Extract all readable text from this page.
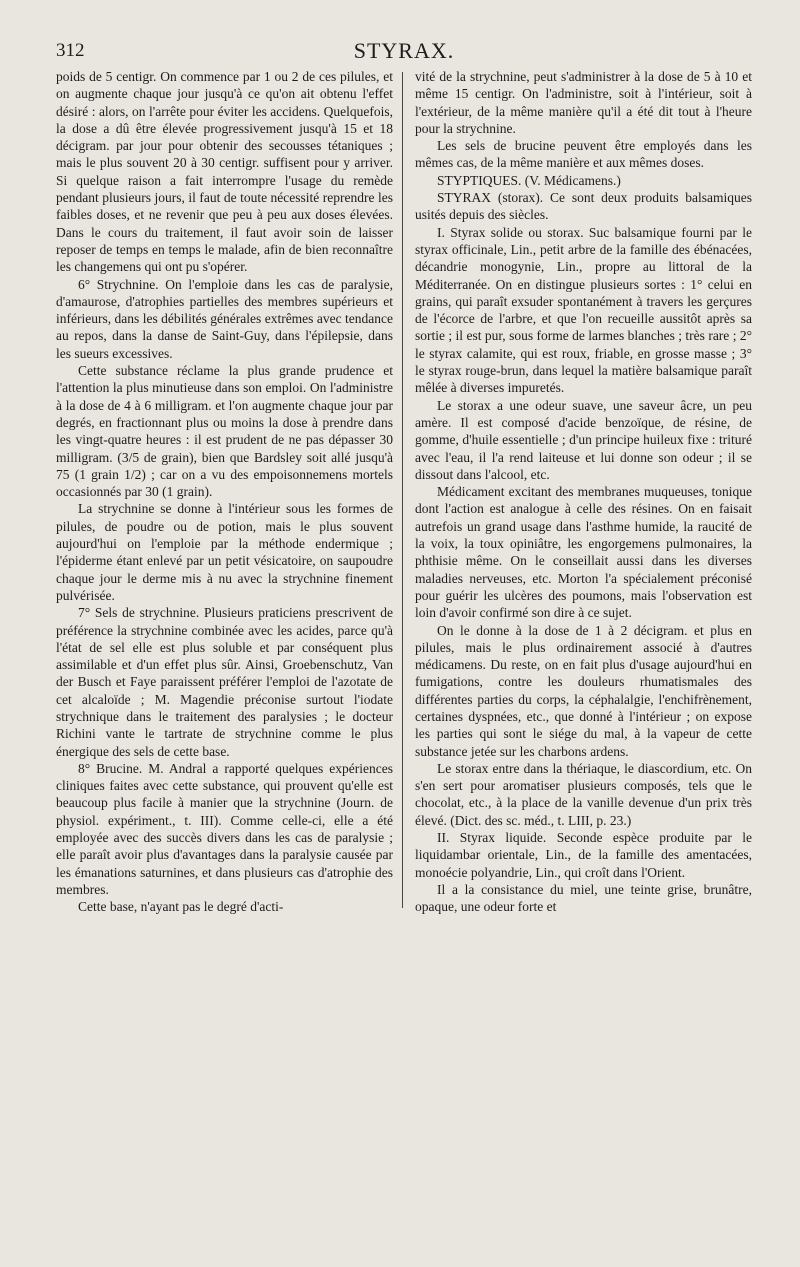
312	STYRAX.

poids de 5 centigr. On commence par 1 ou 2 de ces pilules, et on augmente chaque jour jusqu'à ce qu'on ait obtenu l'effet désiré : alors, on l'arrête pour éviter les accidens. Quelquefois, la dose a dû être élevée progressivement jusqu'à 15 et 18 décigram. par jour pour obtenir des secousses tétaniques ; mais le plus souvent 20 à 30 centigr. suffisent pour y arriver. Si quelque raison a fait interrompre l'usage du remède pendant plusieurs jours, il faut de toute nécessité reprendre les faibles doses, et ne revenir que peu à peu aux doses élevées. Dans le cours du traitement, il faut avoir soin de laisser reposer de temps en temps le malade, afin de bien reconnaître les changemens qui ont pu s'opérer.

6° Strychnine. On l'emploie dans les cas de paralysie, d'amaurose, d'atrophies partielles des membres supérieurs et inférieurs, dans les débilités générales extrêmes avec tendance au repos, dans la danse de Saint-Guy, dans l'épilepsie, dans les sueurs excessives.

Cette substance réclame la plus grande prudence et l'attention la plus minutieuse dans son emploi. On l'administre à la dose de 4 à 6 milligram. et l'on augmente chaque jour par degrés, en fractionnant plus ou moins la dose à prendre dans les vingt-quatre heures : il est prudent de ne pas dépasser 30 milligram. (3/5 de grain), bien que Bardsley soit allé jusqu'à 75 (1 grain 1/2) ; car on a vu des empoisonnemens mortels occasionnés par 30 (1 grain).

La strychnine se donne à l'intérieur sous les formes de pilules, de poudre ou de potion, mais le plus souvent aujourd'hui on l'emploie par la méthode endermique ; l'épiderme étant enlevé par un petit vésicatoire, on saupoudre chaque jour le derme mis à nu avec la strychnine finement pulvérisée.

7° Sels de strychnine. Plusieurs praticiens prescrivent de préférence la strychnine combinée avec les acides, parce qu'à l'état de sel elle est plus soluble et par conséquent plus assimilable et d'un effet plus sûr. Ainsi, Groebenschutz, Van der Busch et Faye paraissent préférer l'emploi de l'azotate de cet alcaloïde ; M. Magendie préconise surtout l'iodate strychnique dans le traitement des paralysies ; le docteur Richini vante le tartrate de strychnine comme le plus énergique des sels de cette base.

8° Brucine. M. Andral a rapporté quelques expériences cliniques faites avec cette substance, qui prouvent qu'elle est beaucoup plus facile à manier que la strychnine (Journ. de physiol. expériment., t. III). Comme celle-ci, elle a été employée avec des succès divers dans les cas de paralysie ; elle paraît avoir plus d'avantages dans la paralysie causée par les émanations saturnines, et dans plusieurs cas d'atrophie des membres.

Cette base, n'ayant pas le degré d'acti-

vité de la strychnine, peut s'administrer à la dose de 5 à 10 et même 15 centigr. On l'administre, soit à l'intérieur, soit à l'extérieur, de la même manière qu'il a été dit tout à l'heure pour la strychnine.

Les sels de brucine peuvent être employés dans les mêmes cas, de la même manière et aux mêmes doses.

STYPTIQUES. (V. Médicamens.)

STYRAX (storax). Ce sont deux produits balsamiques usités depuis des siècles.

I. Styrax solide ou storax. Suc balsamique fourni par le styrax officinale, Lin., petit arbre de la famille des ébénacées, décandrie monogynie, Lin., propre au littoral de la Méditerranée. On en distingue plusieurs sortes : 1° celui en grains, qui paraît exsuder spontanément à travers les gerçures de l'écorce de l'arbre, et que l'on recueille aussitôt après sa sortie ; il est pur, sous forme de larmes blanches ; très rare ; 2° le styrax calamite, qui est roux, friable, en grosse masse ; 3° le styrax rouge-brun, dans lequel la matière balsamique paraît mêlée à diverses impuretés.

Le storax a une odeur suave, une saveur âcre, un peu amère. Il est composé d'acide benzoïque, de résine, de gomme, d'huile essentielle ; d'un principe huileux fixe : trituré avec l'eau, il l'a rend laiteuse et lui donne son odeur ; il se dissout dans l'alcool, etc.

Médicament excitant des membranes muqueuses, tonique dont l'action est analogue à celle des résines. On en faisait autrefois un grand usage dans l'asthme humide, la raucité de la voix, la toux opiniâtre, les engorgemens pulmonaires, la phthisie même. On le conseillait aussi dans les diverses maladies nerveuses, etc. Morton l'a spécialement préconisé pour guérir les ulcères des poumons, mais l'observation est loin d'avoir confirmé son dire à ce sujet.

On le donne à la dose de 1 à 2 décigram. et plus en pilules, mais le plus ordinairement associé à d'autres médicamens. Du reste, on en fait plus d'usage aujourd'hui en fumigations, contre les douleurs rhumatismales des différentes parties du corps, la céphalalgie, l'enchifrènement, certaines dyspnées, etc., que donné à l'intérieur ; on expose les parties qui sont le siége du mal, à la vapeur de cette substance jetée sur les charbons ardens.

Le storax entre dans la thériaque, le diascordium, etc. On s'en sert pour aromatiser plusieurs composés, tels que le chocolat, etc., à la place de la vanille devenue d'un prix très élevé. (Dict. des sc. méd., t. LIII, p. 23.)

II. Styrax liquide. Seconde espèce produite par le liquidambar orientale, Lin., de la famille des amentacées, monoécie polyandrie, Lin., qui croît dans l'Orient.

Il a la consistance du miel, une teinte grise, brunâtre, opaque, une odeur forte et
